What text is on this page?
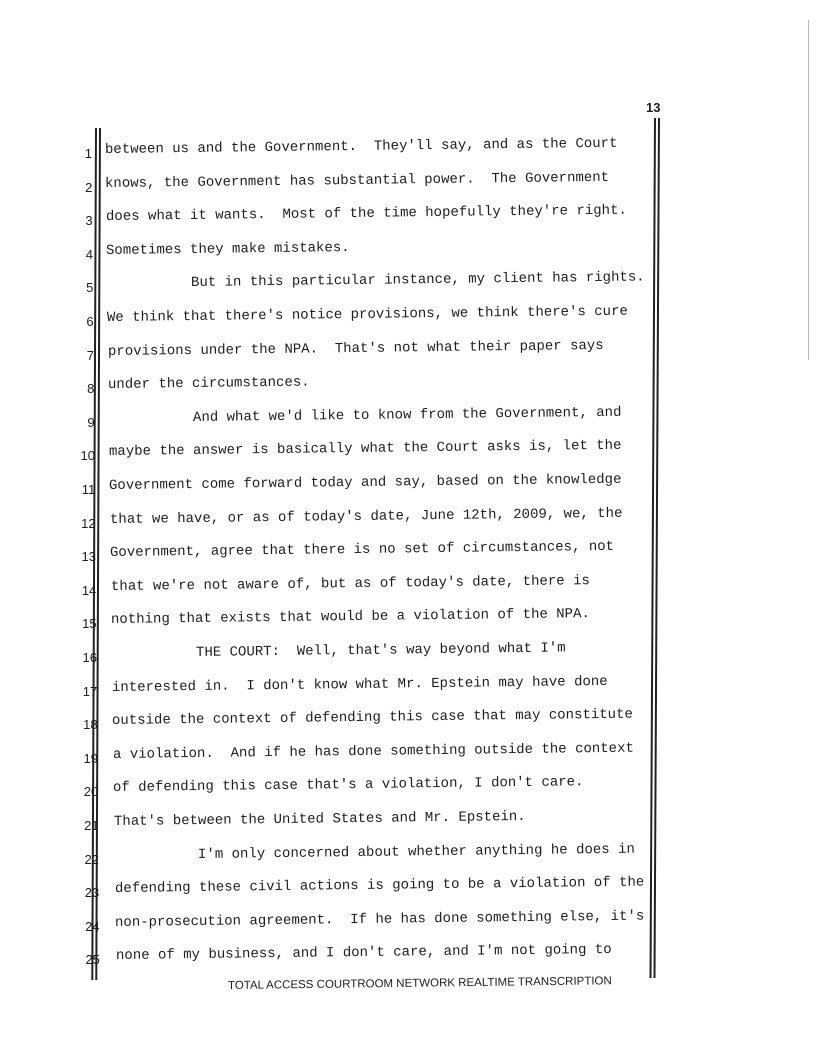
13
1 between us and the Government.  They'll say, and as the Court
2 knows, the Government has substantial power.  The Government
3 does what it wants.  Most of the time hopefully they're right.
4 Sometimes they make mistakes.
5 But in this particular instance, my client has rights.
6 We think that there's notice provisions, we think there's cure
7 provisions under the NPA.  That's not what their paper says
8 under the circumstances.
9 And what we'd like to know from the Government, and
10 maybe the answer is basically what the Court asks is, let the
11 Government come forward today and say, based on the knowledge
12 that we have, or as of today's date, June 12th, 2009, we, the
13 Government, agree that there is no set of circumstances, not
14 that we're not aware of, but as of today's date, there is
15 nothing that exists that would be a violation of the NPA.
16 THE COURT:  Well, that's way beyond what I'm
17 interested in.  I don't know what Mr. Epstein may have done
18 outside the context of defending this case that may constitute
19 a violation.  And if he has done something outside the context
20 of defending this case that's a violation, I don't care.
21 That's between the United States and Mr. Epstein.
22 I'm only concerned about whether anything he does in
23 defending these civil actions is going to be a violation of the
24 non-prosecution agreement.  If he has done something else, it's
25 none of my business, and I don't care, and I'm not going to
TOTAL ACCESS COURTROOM NETWORK REALTIME TRANSCRIPTION
